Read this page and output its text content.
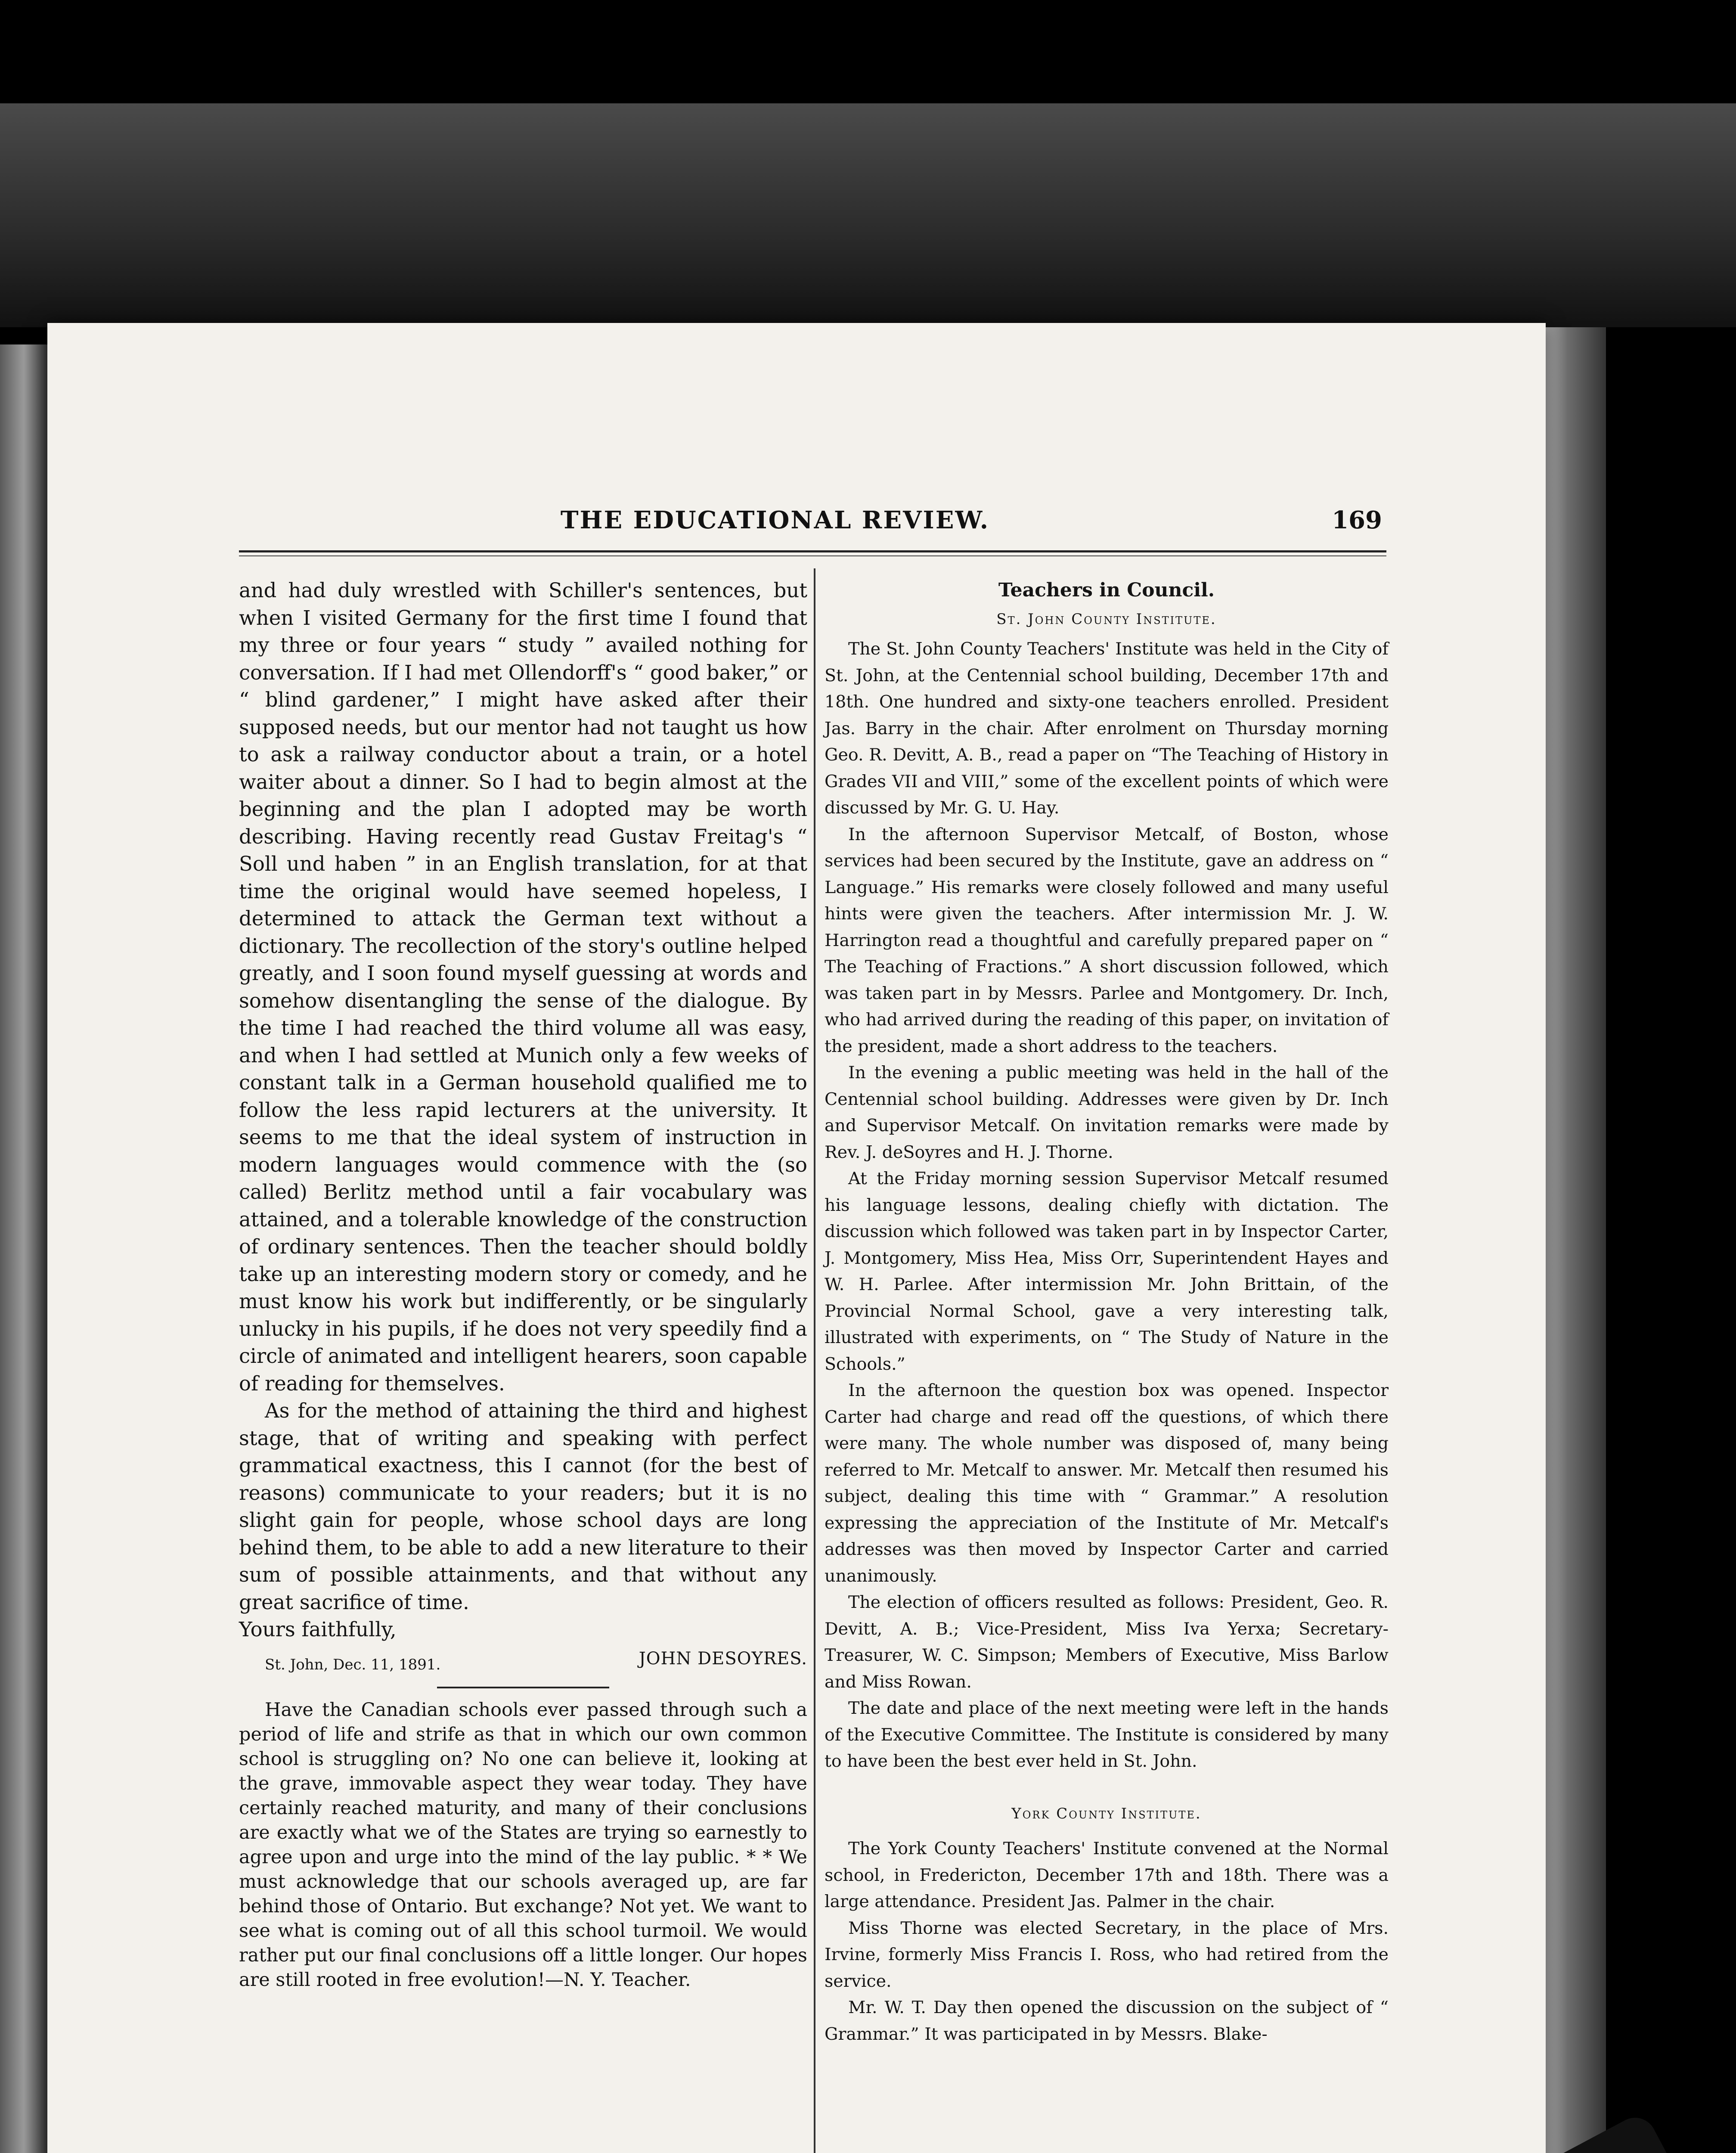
THE EDUCATIONAL REVIEW.	169

and had duly wrestled with Schiller's sentences, but when I visited Germany for the first time I found that my three or four years “ study ” availed nothing for conversation. If I had met Ollendorff's “ good baker,” or “ blind gardener,” I might have asked after their supposed needs, but our mentor had not taught us how to ask a railway conductor about a train, or a hotel waiter about a dinner. So I had to begin almost at the beginning and the plan I adopted may be worth describing. Having recently read Gustav Freitag's “ Soll und haben ” in an English translation, for at that time the original would have seemed hopeless, I determined to attack the German text without a dictionary. The recollection of the story's outline helped greatly, and I soon found myself guessing at words and somehow disentangling the sense of the dialogue. By the time I had reached the third volume all was easy, and when I had settled at Munich only a few weeks of constant talk in a German household qualified me to follow the less rapid lecturers at the university. It seems to me that the ideal system of instruction in modern languages would commence with the (so called) Berlitz method until a fair vocabulary was attained, and a tolerable knowledge of the construction of ordinary sentences. Then the teacher should boldly take up an interesting modern story or comedy, and he must know his work but indifferently, or be singularly unlucky in his pupils, if he does not very speedily find a circle of animated and intelligent hearers, soon capable of reading for themselves.

As for the method of attaining the third and highest stage, that of writing and speaking with perfect grammatical exactness, this I cannot (for the best of reasons) communicate to your readers; but it is no slight gain for people, whose school days are long behind them, to be able to add a new literature to their sum of possible attainments, and that without any great sacrifice of time.

Yours faithfully,

St. John, Dec. 11, 1891.	JOHN DESOYRES.

Have the Canadian schools ever passed through such a period of life and strife as that in which our own common school is struggling on? No one can believe it, looking at the grave, immovable aspect they wear today. They have certainly reached maturity, and many of their conclusions are exactly what we of the States are trying so earnestly to agree upon and urge into the mind of the lay public. * * We must acknowledge that our schools averaged up, are far behind those of Ontario. But exchange? Not yet. We want to see what is coming out of all this school turmoil. We would rather put our final conclusions off a little longer. Our hopes are still rooted in free evolution!—N. Y. Teacher.

Teachers in Council.
St. John County Institute.

The St. John County Teachers' Institute was held in the City of St. John, at the Centennial school building, December 17th and 18th. One hundred and sixty-one teachers enrolled. President Jas. Barry in the chair. After enrolment on Thursday morning Geo. R. Devitt, A. B., read a paper on “The Teaching of History in Grades VII and VIII,” some of the excellent points of which were discussed by Mr. G. U. Hay.

In the afternoon Supervisor Metcalf, of Boston, whose services had been secured by the Institute, gave an address on “ Language.” His remarks were closely followed and many useful hints were given the teachers. After intermission Mr. J. W. Harrington read a thoughtful and carefully prepared paper on “ The Teaching of Fractions.” A short discussion followed, which was taken part in by Messrs. Parlee and Montgomery. Dr. Inch, who had arrived during the reading of this paper, on invitation of the president, made a short address to the teachers.

In the evening a public meeting was held in the hall of the Centennial school building. Addresses were given by Dr. Inch and Supervisor Metcalf. On invitation remarks were made by Rev. J. deSoyres and H. J. Thorne.

At the Friday morning session Supervisor Metcalf resumed his language lessons, dealing chiefly with dictation. The discussion which followed was taken part in by Inspector Carter, J. Montgomery, Miss Hea, Miss Orr, Superintendent Hayes and W. H. Parlee. After intermission Mr. John Brittain, of the Provincial Normal School, gave a very interesting talk, illustrated with experiments, on “ The Study of Nature in the Schools.”

In the afternoon the question box was opened. Inspector Carter had charge and read off the questions, of which there were many. The whole number was disposed of, many being referred to Mr. Metcalf to answer. Mr. Metcalf then resumed his subject, dealing this time with “ Grammar.” A resolution expressing the appreciation of the Institute of Mr. Metcalf's addresses was then moved by Inspector Carter and carried unanimously.

The election of officers resulted as follows: President, Geo. R. Devitt, A. B.; Vice-President, Miss Iva Yerxa; Secretary-Treasurer, W. C. Simpson; Members of Executive, Miss Barlow and Miss Rowan.

The date and place of the next meeting were left in the hands of the Executive Committee. The Institute is considered by many to have been the best ever held in St. John.

York County Institute.

The York County Teachers' Institute convened at the Normal school, in Fredericton, December 17th and 18th. There was a large attendance. President Jas. Palmer in the chair.

Miss Thorne was elected Secretary, in the place of Mrs. Irvine, formerly Miss Francis I. Ross, who had retired from the service.

Mr. W. T. Day then opened the discussion on the subject of “ Grammar.” It was participated in by Messrs. Blake-
